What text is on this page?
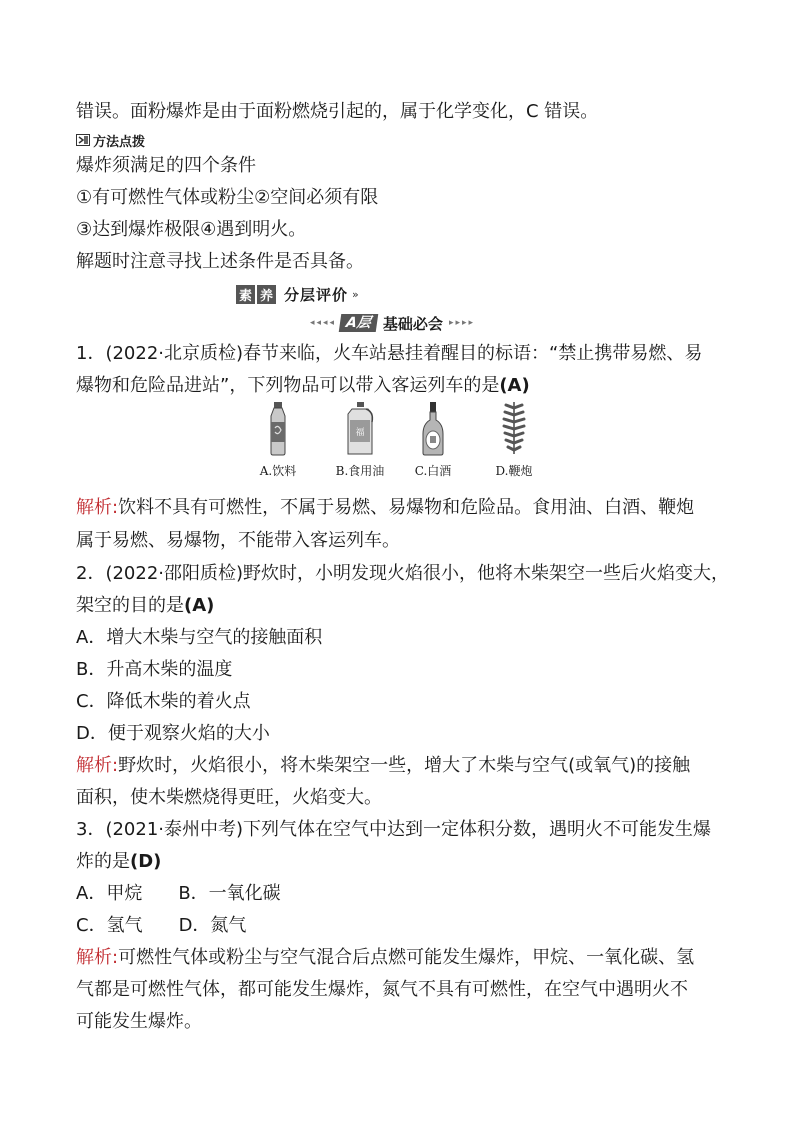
错误。面粉爆炸是由于面粉燃烧引起的，属于化学变化，C 错误。
方法点拨
爆炸须满足的四个条件
①有可燃性气体或粉尘②空间必须有限
③达到爆炸极限④遇到明火。
解题时注意寻找上述条件是否具备。
素 养 分层评价 »
◂◂◂◂ A层 基础必会 ▸▸▸▸
1．(2022·北京质检)春节来临，火车站悬挂着醒目的标语：“禁止携带易燃、易
爆物和危险品进站”，下列物品可以带入客运列车的是(A)
A.饮料
福
B.食用油	C.白酒	D.鞭炮
解析:饮料不具有可燃性，不属于易燃、易爆物和危险品。食用油、白酒、鞭炮
属于易燃、易爆物，不能带入客运列车。
2．(2022·邵阳质检)野炊时，小明发现火焰很小，他将木柴架空一些后火焰变大，
架空的目的是(A)
A．增大木柴与空气的接触面积
B．升高木柴的温度
C．降低木柴的着火点
D．便于观察火焰的大小
解析:野炊时，火焰很小，将木柴架空一些，增大了木柴与空气(或氧气)的接触
面积，使木柴燃烧得更旺，火焰变大。
3．(2021·泰州中考)下列气体在空气中达到一定体积分数，遇明火不可能发生爆
炸的是(D)
A．甲烷　　B．一氧化碳
C．氢气　　D．氮气
解析:可燃性气体或粉尘与空气混合后点燃可能发生爆炸，甲烷、一氧化碳、氢
气都是可燃性气体，都可能发生爆炸，氮气不具有可燃性，在空气中遇明火不
可能发生爆炸。
